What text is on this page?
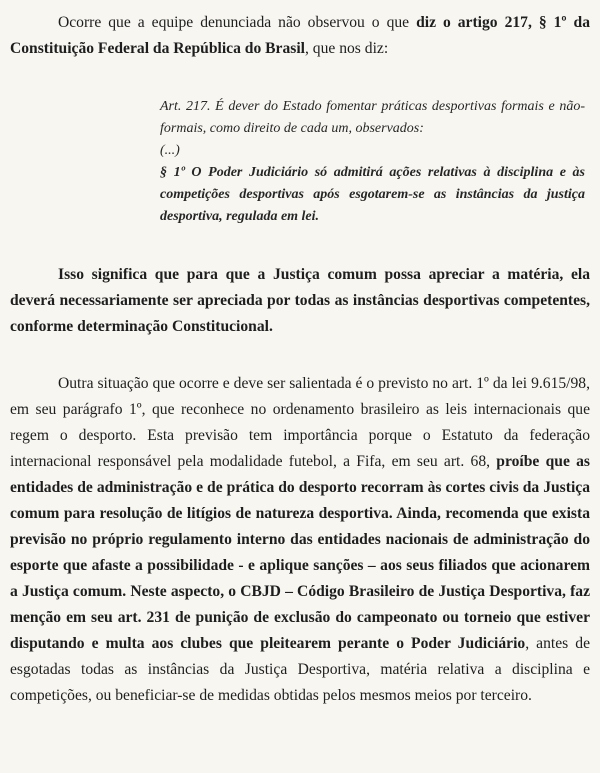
Ocorre que a equipe denunciada não observou o que diz o artigo 217, § 1º da Constituição Federal da República do Brasil, que nos diz:

Art. 217. É dever do Estado fomentar práticas desportivas formais e não-formais, como direito de cada um, observados:

(...)

§ 1º O Poder Judiciário só admitirá ações relativas à disciplina e às competições desportivas após esgotarem-se as instâncias da justiça desportiva, regulada em lei.

Isso significa que para que a Justiça comum possa apreciar a matéria, ela deverá necessariamente ser apreciada por todas as instâncias desportivas competentes, conforme determinação Constitucional.

Outra situação que ocorre e deve ser salientada é o previsto no art. 1º da lei 9.615/98, em seu parágrafo 1º, que reconhece no ordenamento brasileiro as leis internacionais que regem o desporto. Esta previsão tem importância porque o Estatuto da federação internacional responsável pela modalidade futebol, a Fifa, em seu art. 68, proíbe que as entidades de administração e de prática do desporto recorram às cortes civis da Justiça comum para resolução de litígios de natureza desportiva. Ainda, recomenda que exista previsão no próprio regulamento interno das entidades nacionais de administração do esporte que afaste a possibilidade - e aplique sanções – aos seus filiados que acionarem a Justiça comum. Neste aspecto, o CBJD – Código Brasileiro de Justiça Desportiva, faz menção em seu art. 231 de punição de exclusão do campeonato ou torneio que estiver disputando e multa aos clubes que pleitearem perante o Poder Judiciário, antes de esgotadas todas as instâncias da Justiça Desportiva, matéria relativa a disciplina e competições, ou beneficiar-se de medidas obtidas pelos mesmos meios por terceiro.
